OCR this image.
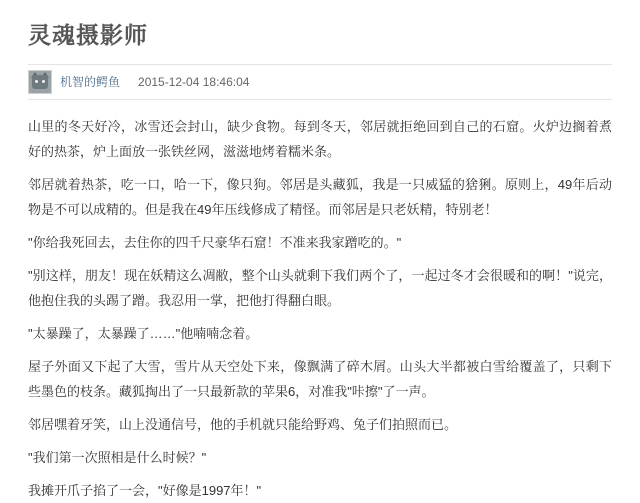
灵魂摄影师
机智的鳄鱼 2015-12-04 18:46:04

山里的冬天好冷，冰雪还会封山，缺少食物。每到冬天，邻居就拒绝回到自己的石窟。火炉边搁着煮好的热茶，炉上面放一张铁丝网，滋滋地烤着糯米条。

邻居就着热茶，吃一口，哈一下，像只狗。邻居是头藏狐，我是一只威猛的猞猁。原则上，49年后动物是不可以成精的。但是我在49年压线修成了精怪。而邻居是只老妖精，特别老！

"你给我死回去，去住你的四千尺豪华石窟！不准来我家蹭吃的。"

"别这样，朋友！现在妖精这么凋敝，整个山头就剩下我们两个了，一起过冬才会很暖和的啊！"说完，他抱住我的头踢了蹭。我忍用一掌，把他打得翻白眼。

"太暴躁了，太暴躁了……"他喃喃念着。

屋子外面又下起了大雪，雪片从天空处下来，像飘满了碎木屑。山头大半都被白雪给覆盖了，只剩下些墨色的枝条。藏狐掏出了一只最新款的苹果6，对准我"咔擦"了一声。

邻居嘿着牙笑，山上没通信号，他的手机就只能给野鸡、兔子们拍照而已。

"我们第一次照相是什么时候？"

我摊开爪子掐了一会，"好像是1997年！"
